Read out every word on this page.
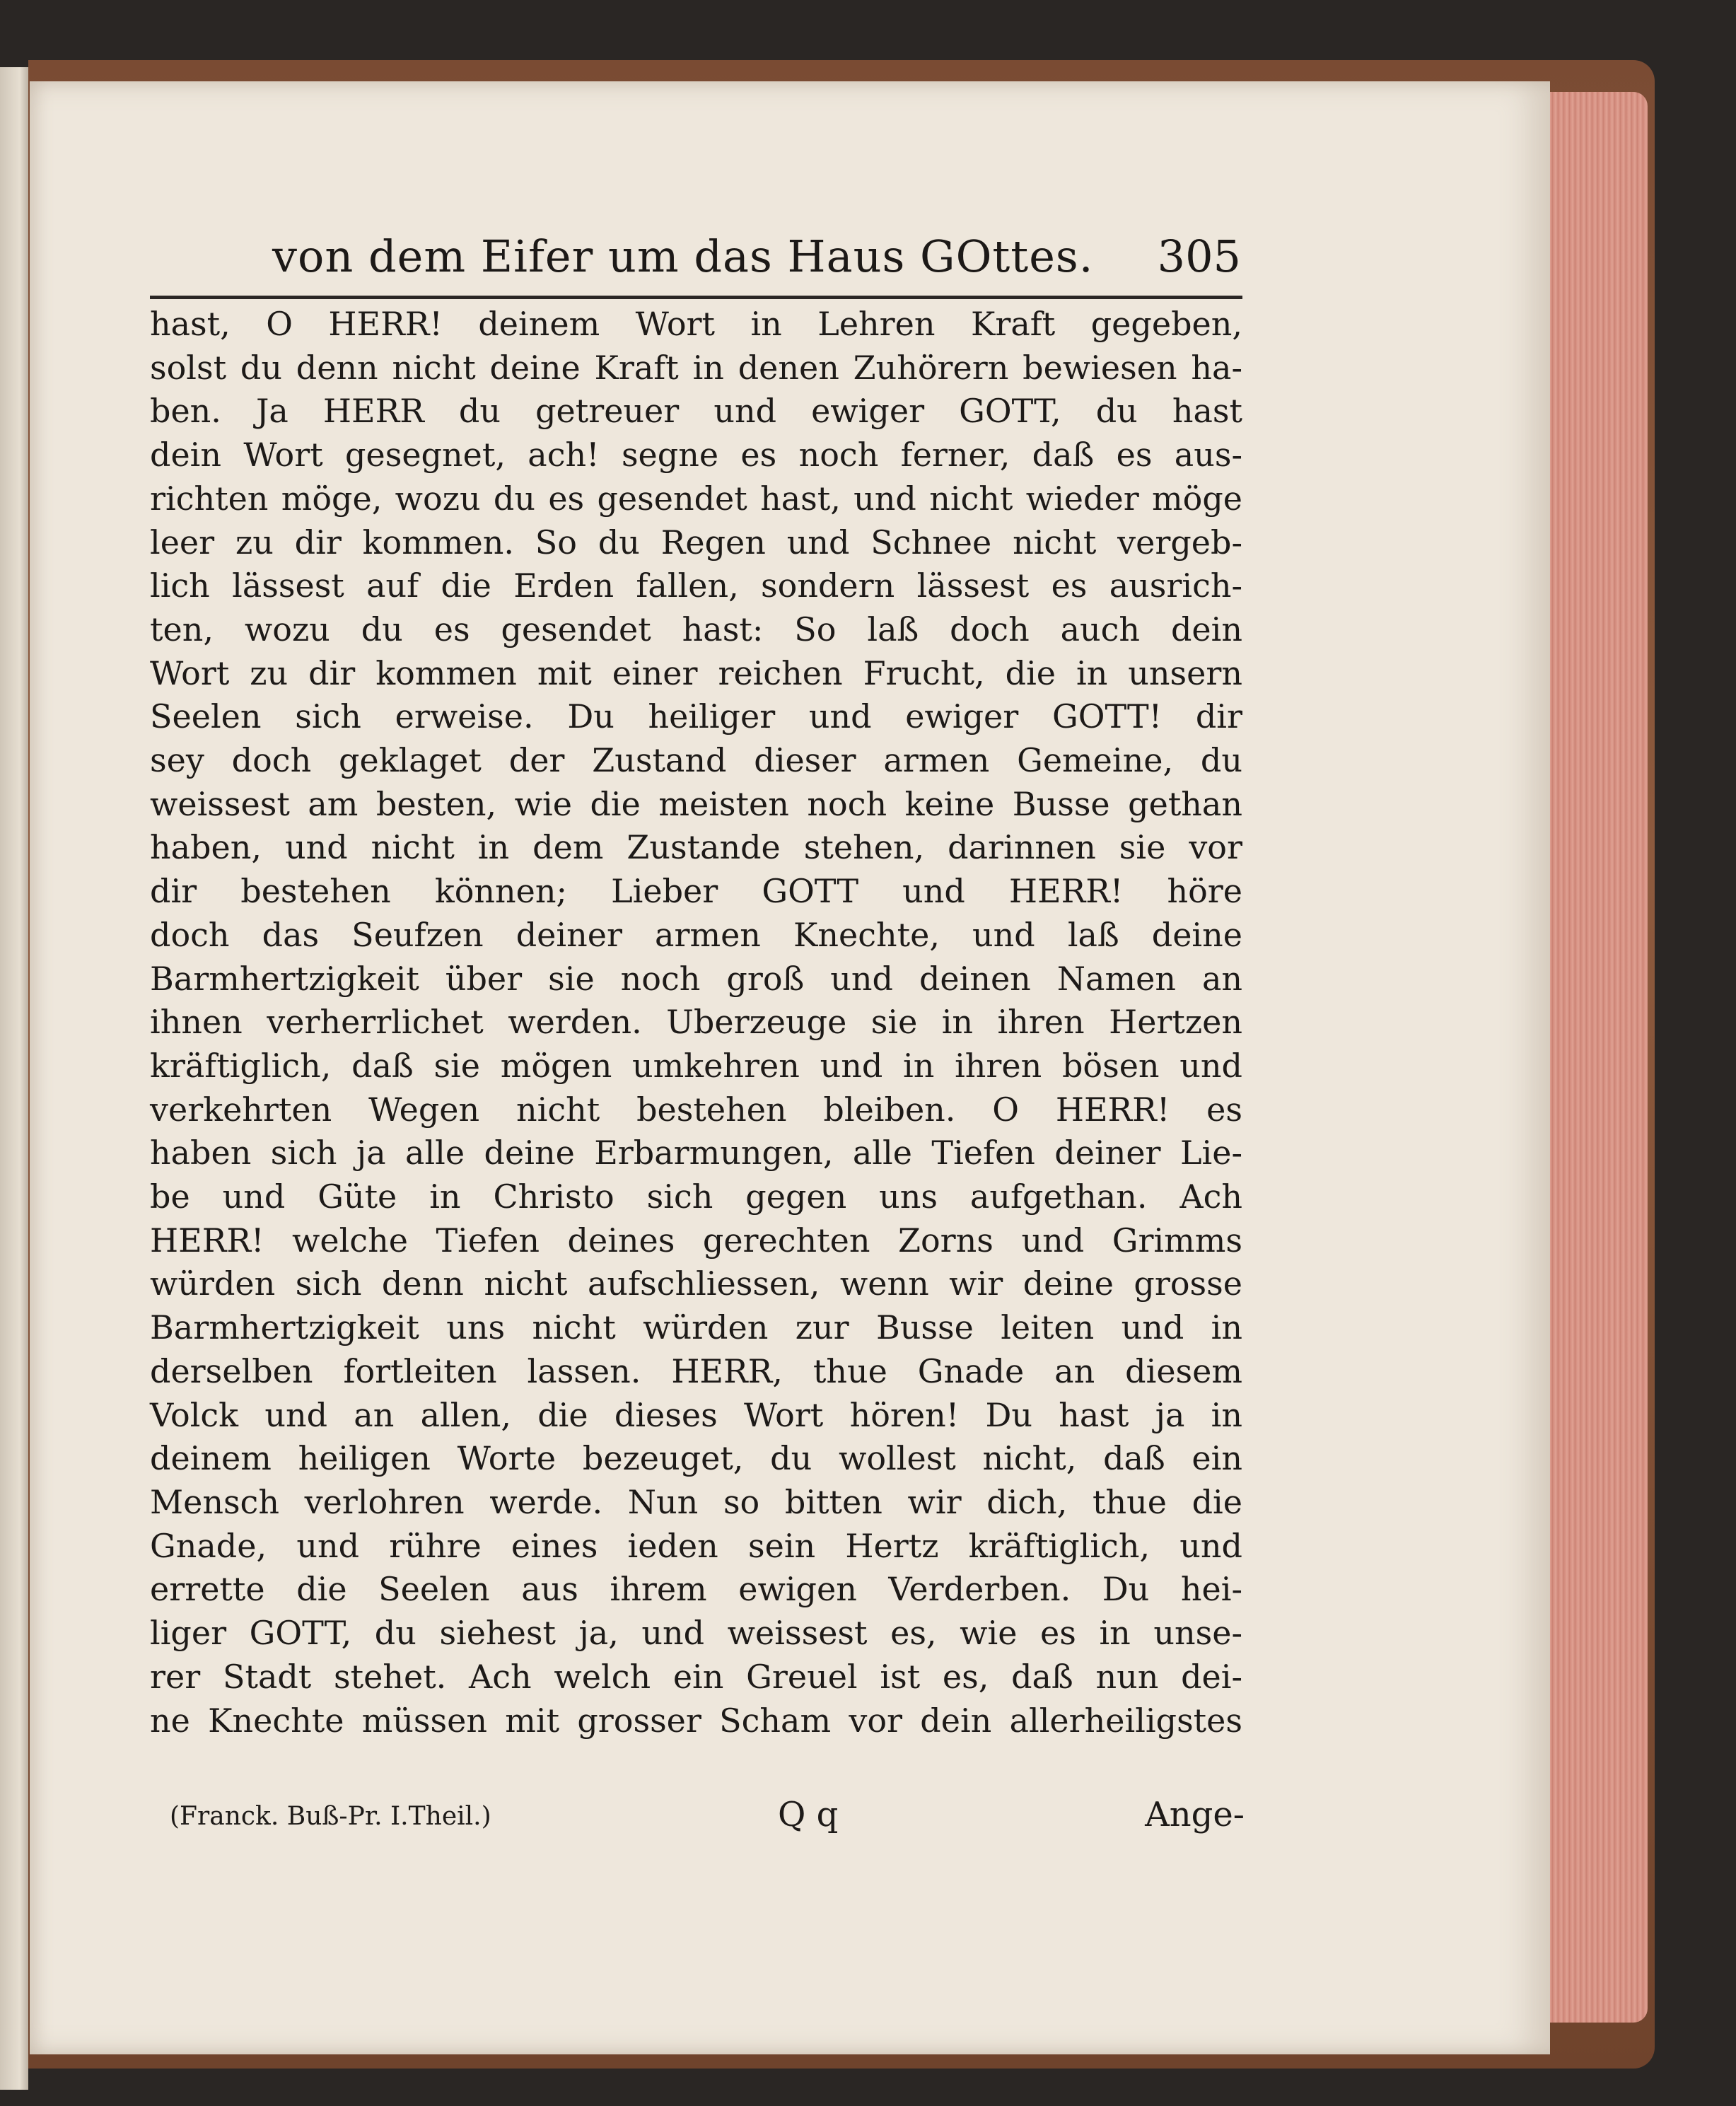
von dem Eifer um das Haus GOttes. 305
hast, O HERR! deinem Wort in Lehren Kraft gegeben,
solst du denn nicht deine Kraft in denen Zuhörern bewiesen ha-
ben. Ja HERR du getreuer und ewiger GOTT, du hast
dein Wort gesegnet, ach! segne es noch ferner, daß es aus-
richten möge, wozu du es gesendet hast, und nicht wieder möge
leer zu dir kommen. So du Regen und Schnee nicht vergeb-
lich lässest auf die Erden fallen, sondern lässest es ausrich-
ten, wozu du es gesendet hast: So laß doch auch dein
Wort zu dir kommen mit einer reichen Frucht, die in unsern
Seelen sich erweise. Du heiliger und ewiger GOTT! dir
sey doch geklaget der Zustand dieser armen Gemeine, du
weissest am besten, wie die meisten noch keine Busse gethan
haben, und nicht in dem Zustande stehen, darinnen sie vor
dir bestehen können; Lieber GOTT und HERR! höre
doch das Seufzen deiner armen Knechte, und laß deine
Barmhertzigkeit über sie noch groß und deinen Namen an
ihnen verherrlichet werden. Uberzeuge sie in ihren Hertzen
kräftiglich, daß sie mögen umkehren und in ihren bösen und
verkehrten Wegen nicht bestehen bleiben. O HERR! es
haben sich ja alle deine Erbarmungen, alle Tiefen deiner Lie-
be und Güte in Christo sich gegen uns aufgethan. Ach
HERR! welche Tiefen deines gerechten Zorns und Grimms
würden sich denn nicht aufschliessen, wenn wir deine grosse
Barmhertzigkeit uns nicht würden zur Busse leiten und in
derselben fortleiten lassen. HERR, thue Gnade an diesem
Volck und an allen, die dieses Wort hören! Du hast ja in
deinem heiligen Worte bezeuget, du wollest nicht, daß ein
Mensch verlohren werde. Nun so bitten wir dich, thue die
Gnade, und rühre eines ieden sein Hertz kräftiglich, und
errette die Seelen aus ihrem ewigen Verderben. Du hei-
liger GOTT, du siehest ja, und weissest es, wie es in unse-
rer Stadt stehet. Ach welch ein Greuel ist es, daß nun dei-
ne Knechte müssen mit grosser Scham vor dein allerheiligstes
(Franck. Buß-Pr. I.Theil.)	Q q	Ange-
